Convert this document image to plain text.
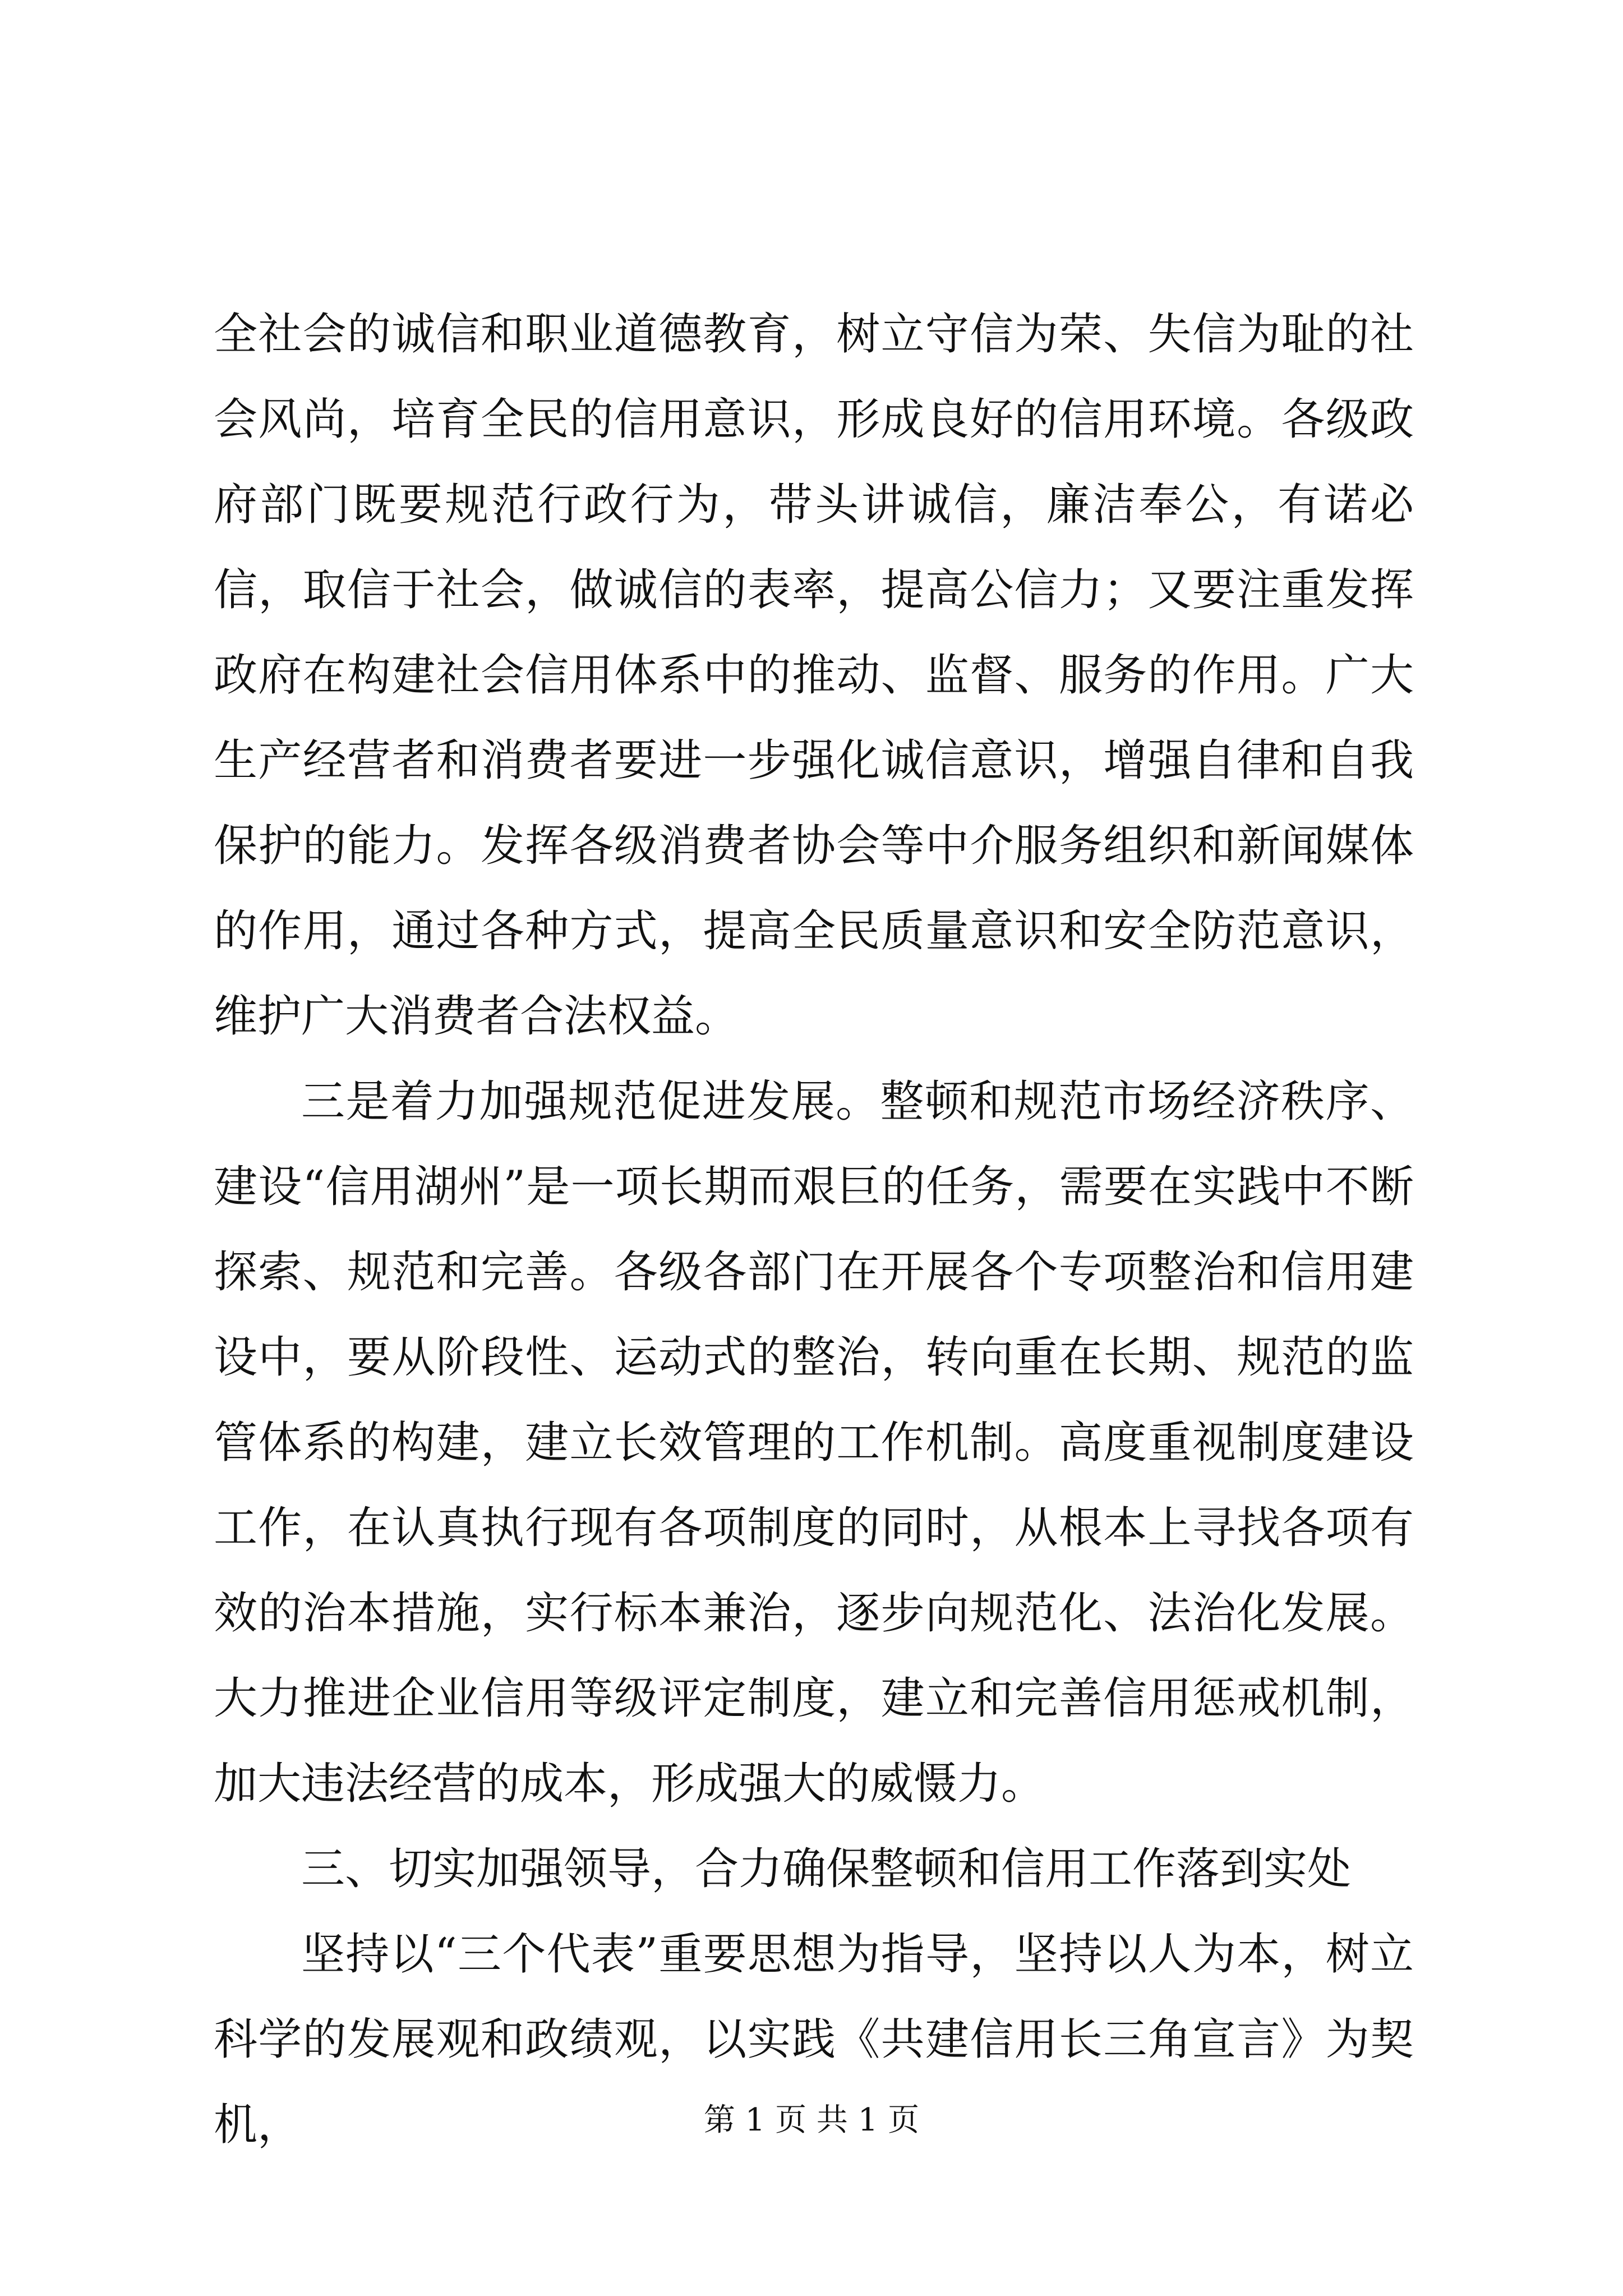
全社会的诚信和职业道德教育，树立守信为荣、失信为耻的社会风尚，培育全民的信用意识，形成良好的信用环境。各级政府部门既要规范行政行为，带头讲诚信，廉洁奉公，有诺必信，取信于社会，做诚信的表率，提高公信力；又要注重发挥政府在构建社会信用体系中的推动、监督、服务的作用。广大生产经营者和消费者要进一步强化诚信意识，增强自律和自我保护的能力。发挥各级消费者协会等中介服务组织和新闻媒体的作用，通过各种方式，提高全民质量意识和安全防范意识，维护广大消费者合法权益。

三是着力加强规范促进发展。整顿和规范市场经济秩序、建设“信用湖州”是一项长期而艰巨的任务，需要在实践中不断探索、规范和完善。各级各部门在开展各个专项整治和信用建设中，要从阶段性、运动式的整治，转向重在长期、规范的监管体系的构建，建立长效管理的工作机制。高度重视制度建设工作，在认真执行现有各项制度的同时，从根本上寻找各项有效的治本措施，实行标本兼治，逐步向规范化、法治化发展。大力推进企业信用等级评定制度，建立和完善信用惩戒机制，加大违法经营的成本，形成强大的威慑力。

三、切实加强领导，合力确保整顿和信用工作落到实处

坚持以“三个代表”重要思想为指导，坚持以人为本，树立科学的发展观和政绩观，以实践《共建信用长三角宣言》为契机，	第 1 页 共 1 页
